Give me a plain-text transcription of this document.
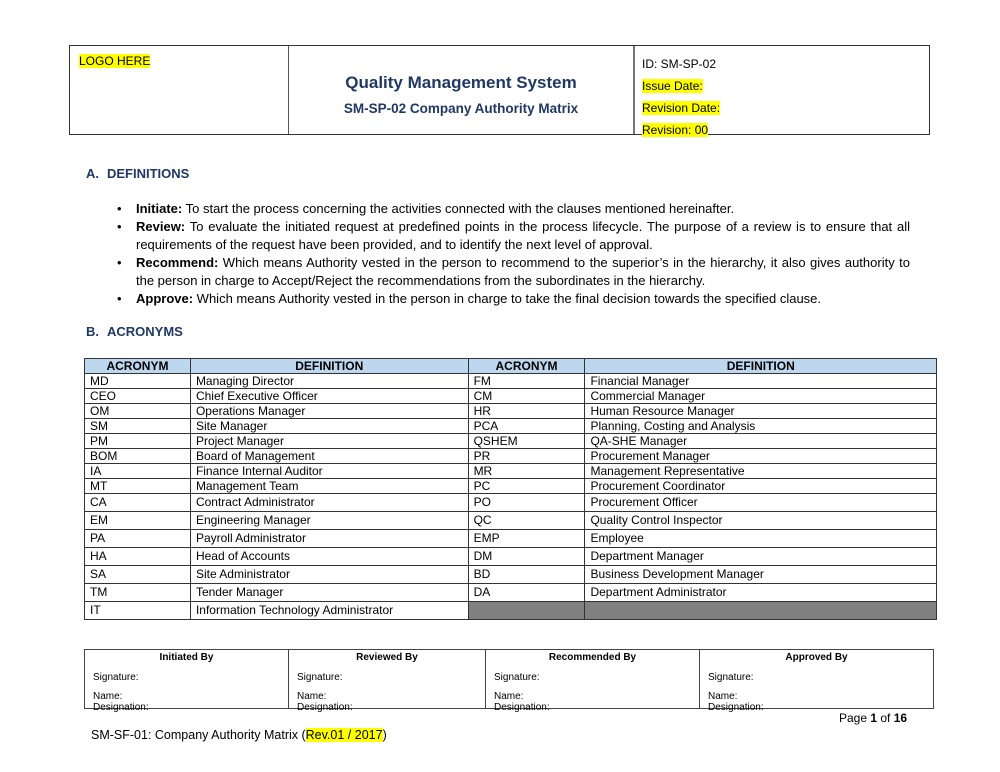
LOGO HERE
Quality Management System
SM-SP-02 Company Authority Matrix
ID: SM-SP-02
Issue Date:
Revision Date:
Revision: 00
A. DEFINITIONS
• Initiate: To start the process concerning the activities connected with the clauses mentioned hereinafter.
• Review: To evaluate the initiated request at predefined points in the process lifecycle. The purpose of a review is to ensure that all requirements of the request have been provided, and to identify the next level of approval.
• Recommend: Which means Authority vested in the person to recommend to the superior’s in the hierarchy, it also gives authority to the person in charge to Accept/Reject the recommendations from the subordinates in the hierarchy.
• Approve: Which means Authority vested in the person in charge to take the final decision towards the specified clause.
B. ACRONYMS
ACRONYM	DEFINITION	ACRONYM	DEFINITION
MD	Managing Director	FM	Financial Manager
CEO	Chief Executive Officer	CM	Commercial Manager
OM	Operations Manager	HR	Human Resource Manager
SM	Site Manager	PCA	Planning, Costing and Analysis
PM	Project Manager	QSHEM	QA-SHE Manager
BOM	Board of Management	PR	Procurement Manager
IA	Finance Internal Auditor	MR	Management Representative
MT	Management Team	PC	Procurement Coordinator
CA	Contract Administrator	PO	Procurement Officer
EM	Engineering Manager	QC	Quality Control Inspector
PA	Payroll Administrator	EMP	Employee
HA	Head of Accounts	DM	Department Manager
SA	Site Administrator	BD	Business Development Manager
TM	Tender Manager	DA	Department Administrator
IT	Information Technology Administrator		
Initiated By
Signature:
Name:
Designation:
Reviewed By
Signature:
Name:
Designation:
Recommended By
Signature:
Name:
Designation:
Approved By
Signature:
Name:
Designation:
Page 1 of 16
SM-SF-01: Company Authority Matrix (Rev.01 / 2017)
